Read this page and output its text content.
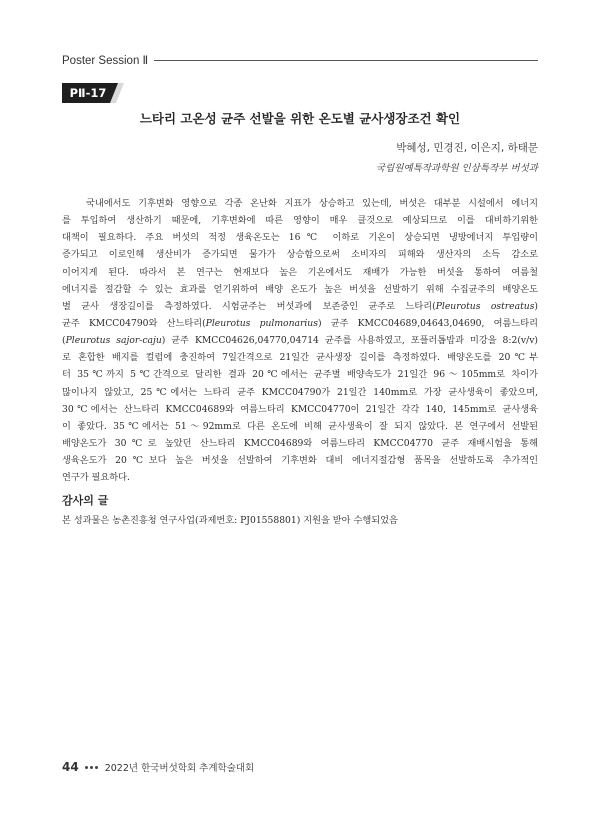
Poster Session Ⅱ
PⅡ-17
느타리 고온성 균주 선발을 위한 온도별 균사생장조건 확인
박혜성, 민경진, 이은지, 하태문
국립원예특작과학원 인삼특작부 버섯과
국내에서도 기후변화 영향으로 각종 온난화 지표가 상승하고 있는데, 버섯은 대부분 시설에서 에너지
를 투입하여 생산하기 때문에, 기후변화에 따른 영향이 매우 클것으로 예상되므로 이를 대비하기위한
대책이 필요하다. 주요 버섯의 적정 생육온도는 16℃ 이하로 기온이 상승되면 냉방에너지 투입량이
증가되고 이로인해 생산비가 증가되면 물가가 상승함으로써 소비자의 피해와 생산자의 소득 감소로
이어지게 된다. 따라서 본 연구는 현재보다 높은 기온에서도 재배가 가능한 버섯을 통하여 여름철
에너지를 절감할 수 있는 효과를 얻기위하여 배양 온도가 높은 버섯을 선발하기 위해 수집균주의 배양온도
별 균사 생장길이를 측정하였다. 시험균주는 버섯과에 보존중인 균주로 느타리(Pleurotus ostreatus)
균주 KMCC04790와 산느타리(Pleurotus pulmonarius) 균주 KMCC04689,04643,04690, 여름느타리
(Pleurotus sajor-caju) 균주 KMCC04626,04770,04714 균주를 사용하였고, 포플러톱밥과 미강을 8:2(v/v)
로 혼합한 배지를 컬럼에 충진하여 7일간격으로 21일간 균사생장 길이를 측정하였다. 배양온도를 20℃부
터 35℃까지 5℃간격으로 달리한 결과 20℃에서는 균주별 배양속도가 21일간 96～105mm로 차이가
많이나지 않았고, 25℃에서는 느타리 균주 KMCC04790가 21일간 140mm로 가장 균사생육이 좋았으며,
30℃에서는 산느타리 KMCC04689와 여름느타리 KMCC04770이 21일간 각각 140, 145mm로 균사생육
이 좋았다. 35℃에서는 51～92mm로 다른 온도에 비해 균사생육이 잘 되지 않았다. 본 연구에서 선발된
배양온도가 30℃로 높았던 산느타리 KMCC04689와 여름느타리 KMCC04770 균주 재배시험을 통해
생육온도가 20℃보다 높은 버섯을 선발하여 기후변화 대비 에너지절감형 품목을 선발하도록 추가적인
연구가 필요하다.
감사의 글
본 성과물은 농촌진흥청 연구사업(과제번호: PJ01558801) 지원을 받아 수행되었음
44	2022년 한국버섯학회 추계학술대회
